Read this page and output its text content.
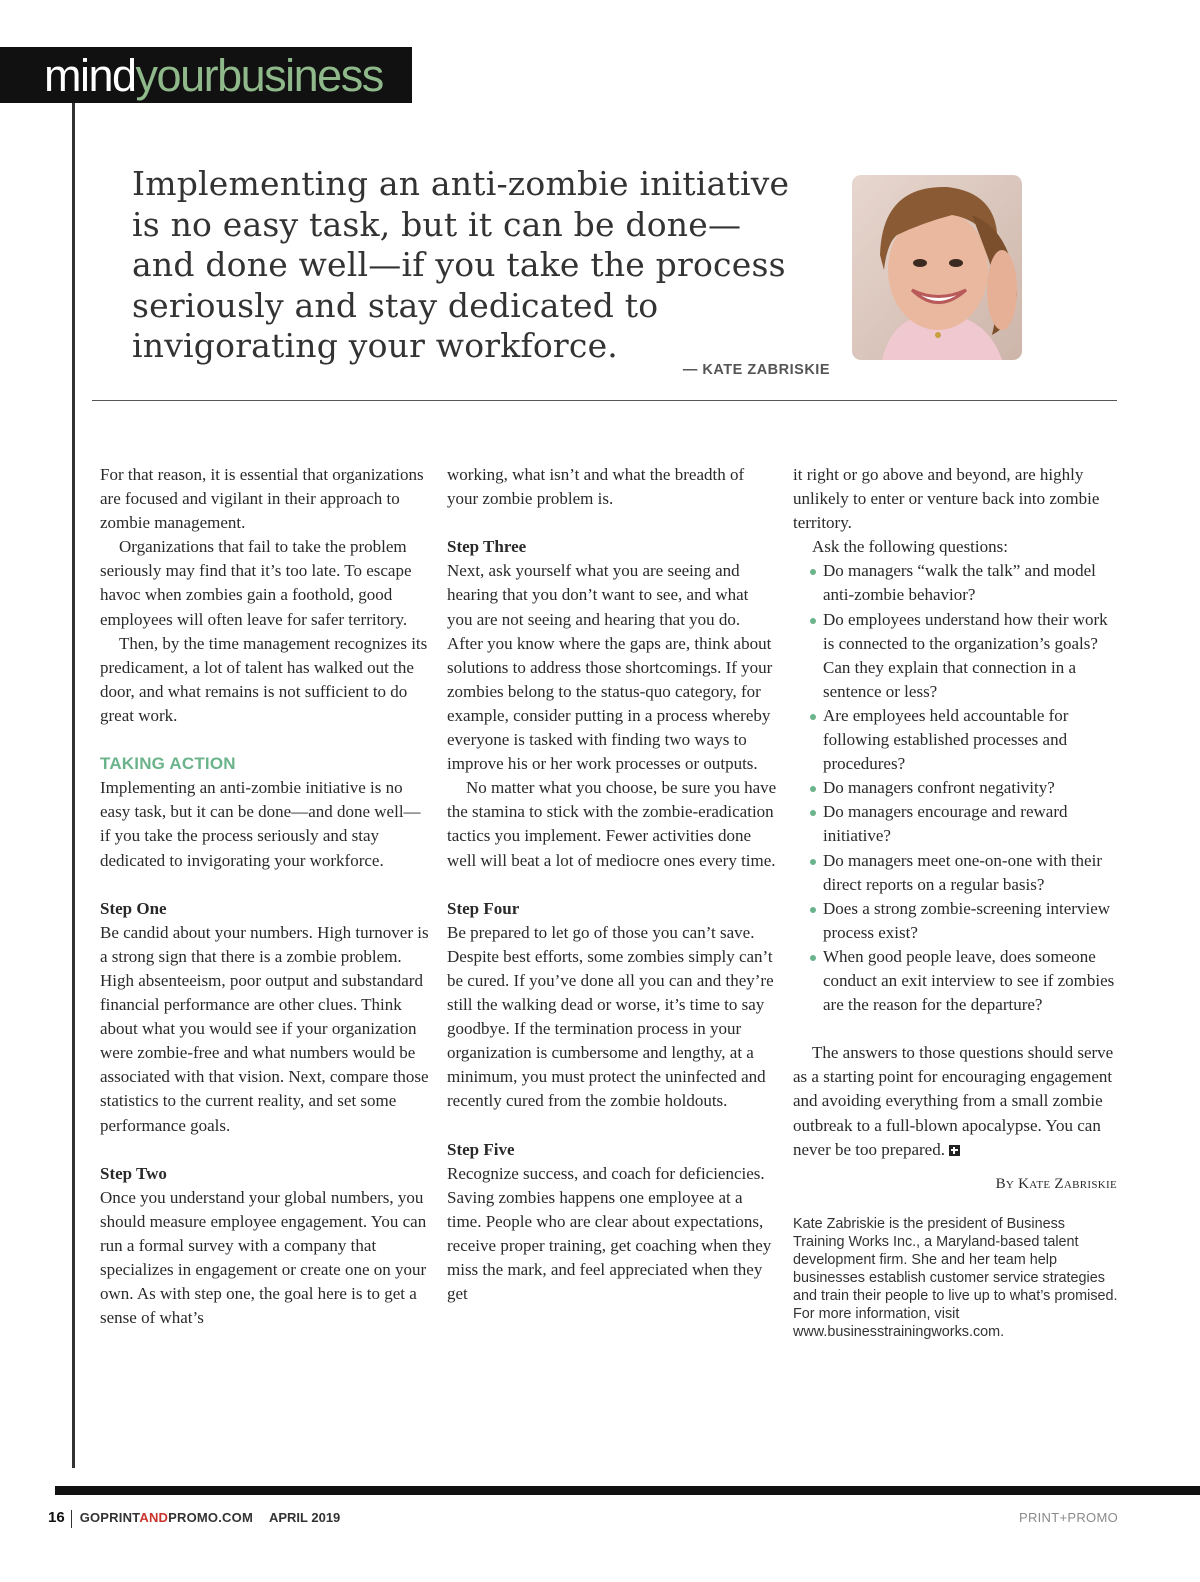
mindyourbusiness
Implementing an anti-zombie initiative
is no easy task, but it can be done—
and done well—if you take the process
seriously and stay dedicated to
invigorating your workforce.
— KATE ZABRISKIE

For that reason, it is essential that organizations are focused and vigilant in their approach to zombie management.

Organizations that fail to take the problem seriously may find that it’s too late. To escape havoc when zombies gain a foothold, good employees will often leave for safer territory.

Then, by the time management recognizes its predicament, a lot of talent has walked out the door, and what remains is not sufficient to do great work.

TAKING ACTION

Implementing an anti-zombie initiative is no easy task, but it can be done—and done well—if you take the process seriously and stay dedicated to invigorating your workforce.

Step One

Be candid about your numbers. High turnover is a strong sign that there is a zombie problem. High absenteeism, poor output and substandard financial performance are other clues. Think about what you would see if your organization were zombie-free and what numbers would be associated with that vision. Next, compare those statistics to the current reality, and set some performance goals.

Step Two

Once you understand your global numbers, you should measure employee engagement. You can run a formal survey with a company that specializes in engagement or create one on your own. As with step one, the goal here is to get a sense of what’s

working, what isn’t and what the breadth of your zombie problem is.

Step Three

Next, ask yourself what you are seeing and hearing that you don’t want to see, and what you are not seeing and hearing that you do. After you know where the gaps are, think about solutions to address those shortcomings. If your zombies belong to the status-quo category, for example, consider putting in a process whereby everyone is tasked with finding two ways to improve his or her work processes or outputs.

No matter what you choose, be sure you have the stamina to stick with the zombie-eradication tactics you implement. Fewer activities done well will beat a lot of mediocre ones every time.

Step Four

Be prepared to let go of those you can’t save. Despite best efforts, some zombies simply can’t be cured. If you’ve done all you can and they’re still the walking dead or worse, it’s time to say goodbye. If the termination process in your organization is cumbersome and lengthy, at a minimum, you must protect the uninfected and recently cured from the zombie holdouts.

Step Five

Recognize success, and coach for deficiencies. Saving zombies happens one employee at a time. People who are clear about expectations, receive proper training, get coaching when they miss the mark, and feel appreciated when they get

it right or go above and beyond, are highly unlikely to enter or venture back into zombie territory.

Ask the following questions:

Do managers “walk the talk” and model anti-zombie behavior?
Do employees understand how their work is connected to the organization’s goals? Can they explain that connection in a sentence or less?
Are employees held accountable for following established processes and procedures?
Do managers confront negativity?
Do managers encourage and reward initiative?
Do managers meet one-on-one with their direct reports on a regular basis?
Does a strong zombie-screening interview process exist?
When good people leave, does someone conduct an exit interview to see if zombies are the reason for the departure?

The answers to those questions should serve as a starting point for encouraging engagement and avoiding everything from a small zombie outbreak to a full-blown apocalypse. You can never be too prepared.

By Kate Zabriskie
Kate Zabriskie is the president of Business Training Works Inc., a Maryland-based talent development firm. She and her team help businesses establish customer service strategies and train their people to live up to what’s promised. For more information, visit www.businesstrainingworks.com.
16 GOPRINTANDPROMO.COM APRIL 2019	PRINT+PROMO
